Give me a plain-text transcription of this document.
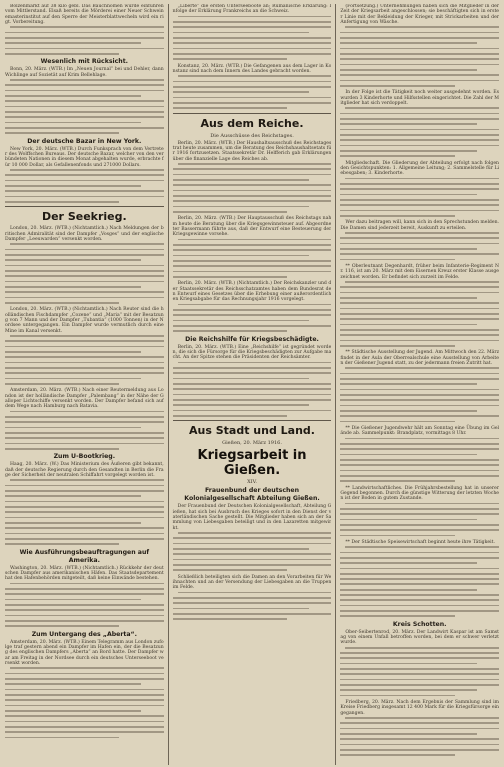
Bolzenmarkt auf 38 kilo gebl. Das Bauchnomen wurde einfuhren vom Mittlerstand. Elsaß bereits die Mörderei einer Neuer Schweinemasterinstitut auf den Sperre der Meisterblattwecheln wird ein rigt. Vorbereitung.

Wesenlich mit Rücksicht.

Bonn, 20. März. (WTB.) Im „Neuen Journal“ bei und Dehler, dann Wichlinge auf Sozietät auf Krim Bellehlage.

Der deutsche Bazar in New York.

New York, 20. März. (WTB.) Durch Funksprach von dem Vertreter des Wolffschen Bureaus. Der deutsche Bazar, welcher von den verbündeten Nationen in diesem Monat abgehalten wurde, erbrachte für 10 000 Dollar, als Gefallenenfonds und 271000 Dollars.

Der Seekrieg.

London, 20. März. (WTB.) (Nichtamtlich.) Nach Meldungen der britischen Admiralität sind der Dampfer „Vosges“ und der englische Dampfer „Leeuwarden“ versenkt worden.

London, 20. März. (WTB.) (Nichtamtlich.) Nach Reuter sind die holländischen Fischdampfer „Cozene“ und „Maria“ mit der Besatzung von 7 Mann und der Dampfer „Tubantia“ (1000 Tonnen) in der Nordsee untergegangen. Ein Dampfer wurde vermutlich durch eine Mine im Kanal versenkt.

Amsterdam, 20. März. (WTB.) Nach einer Reutermeldung aus London ist der holländische Dampfer „Palembang“ in der Nähe der Galloper Lichtschiffe versenkt worden. Der Dampfer befand sich auf dem Wege nach Hamburg nach Batavia.

Zum U-Bootkrieg.

Haag, 20. März. (W.) Das Ministerium des Äußeren gibt bekannt, daß der deutsche Regierung durch den Gesandten in Berlin die Frage der Sicherheit der neutralen Schiffahrt vorgelegt worden ist.

Wie Ausführungsbeauftragungen auf Amerika.

Washington, 20. März. (WTB.) (Nichtamtlich.) Rückkehr der deutschen Dampfer aus amerikanischen Häfen. Das Staatsdepartement hat den Hafenbehörden mitgeteilt, daß keine Einwände bestehen.

Zum Untergang des „Aberta“.

Amsterdam, 20. März. (WTB.) Einem Telegramm aus London zufolge traf gestern abend ein Dampfer im Hafen ein, der die Besatzung des englischen Dampfers „Aberta“ an Bord hatte. Der Dampfer war am Freitag in der Nordsee durch ein deutsches Unterseeboot versenkt worden.

„Liberté“ die ersten Unterseeboote an; Rumänische Erklärung: Infolge der Erklärung Frankreichs an die Schweiz.

Konstanz, 20. März. (WTB.) Die Gefangenen aus dem Lager in Konstanz sind nach dem Innern des Landes gebracht worden.

Aus dem Reiche.
Die Ausschüsse des Reichstages.

Berlin, 20. März. (WTB.) Der Haushaltsausschuß des Reichstages trat heute zusammen, um die Beratung des Reichshaushaltsetats für 1916 fortzusetzen. Staatssekretär Dr. Helfferich gab Erklärungen über die finanzielle Lage des Reiches ab.

Berlin, 20. März. (WTB.) Der Hauptausschuß des Reichstags nahm heute die Beratung über die Kriegsgewinnsteuer auf. Abgeordneter Bassermann führte aus, daß der Entwurf eine Besteuerung der Kriegsgewinne vorsehe.

Berlin, 20. März. (WTB.) (Nichtamtlich.) Der Reichskanzler und der Staatssekretär des Reichsschatzamtes haben dem Bundesrat den Entwurf eines Gesetzes über die Erhebung einer außerordentlichen Kriegsabgabe für das Rechnungsjahr 1916 vorgelegt.

Die Reichshilfe für Kriegsbeschädigte.

Berlin, 20. März. (WTB.) Eine „Reichshilfe“ ist gegründet worden, die sich die Fürsorge für die Kriegsbeschädigten zur Aufgabe macht. An der Spitze stehen die Präsidenten der Reichsämter.

Aus Stadt und Land.
Gießen, 20. März 1916.
Kriegsarbeit in Gießen.
XIV.
Frauenbund der deutschen Kolonialgesellschaft Abteilung Gießen.

Der Frauenbund der Deutschen Kolonialgesellschaft, Abteilung Gießen, hat sich bei Ausbruch des Krieges sofort in den Dienst der vaterländischen Sache gestellt. Die Mitglieder haben sich an der Sammlung von Liebesgaben beteiligt und in den Lazaretten mitgewirkt.

Schließlich beteiligten sich die Damen an den Vorarbeiten für Weihnachten und an der Versendung der Liebesgaben an die Truppen im Felde.

(Fortsetzung.) Unternehmungen haben sich die Mitglieder in der Zeit der Kriegsarbeit angeschlossen; sie beschäftigten sich in erster Linie mit der Bekleidung der Krieger, mit Strickarbeiten und der Anfertigung von Wäsche.

In der Folge ist die Tätigkeit noch weiter ausgedehnt worden. Es wurden 3 Kinderhorte und Hilfsstellen eingerichtet. Die Zahl der Mitglieder hat sich verdoppelt.

Mitgliedschaft. Die Gliederung der Abteilung erfolgt nach folgenden Gesichtspunkten: 1. Allgemeine Leitung; 2. Sammelstelle für Liebesgaben; 3. Kinderhorte.

Wer dazu beitragen will, kann sich in den Sprechstunden melden. Die Damen sind jederzeit bereit, Auskunft zu erteilen.

** Oberleutnant Degenhardt, früher beim Infanterie-Regiment Nr. 116, ist am 20. März mit dem Eisernen Kreuz erster Klasse ausgezeichnet worden. Er befindet sich zurzeit im Felde.

** Städtische Ausstellung der Jugend. Am Mittwoch den 22. März findet in der Aula der Oberrealschule eine Ausstellung von Arbeiten der Gießener Jugend statt, zu der jedermann freien Zutritt hat.

** Die Gießener Jugendwehr hält am Sonntag eine Übung im Gelände ab. Sammelpunkt: Brandplatz, vormittags 8 Uhr.

** Landwirtschaftliches. Die Frühjahrsbestellung hat in unserer Gegend begonnen. Durch die günstige Witterung der letzten Wochen ist der Boden in gutem Zustande.

** Der Städtische Speisewirtschaft beginnt heute ihre Tätigkeit.

Kreis Schotten.

Ober-Seibertenrod, 20. März. Der Landwirt Kaspar ist am Samstag von einem Unfall betroffen worden, bei dem er schwer verletzt wurde.

Friedberg, 20. März. Nach dem Ergebnis der Sammlung sind im Kreise Friedberg insgesamt 12 400 Mark für die Kriegsfürsorge eingegangen.
